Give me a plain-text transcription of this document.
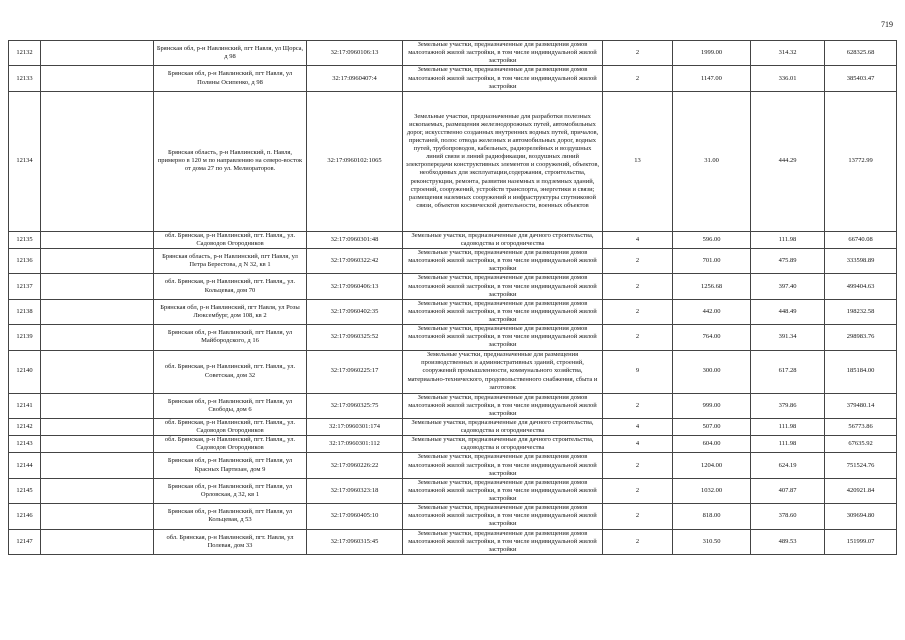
719
12132		Брянская обл, р-н Навлинский, пгт Навля, ул Щорса, д 98	32:17:0960106:13	Земельные участки, предназначенные для размещения домов малоэтажной жилой застройки, в том числе индивидуальной жилой застройки	2	1999.00	314.32	628325.68
12133		Брянская обл, р-н Навлинский, пгт Навля, ул Полины Осипенко, д 98	32:17:0960407:4	Земельные участки, предназначенные для размещения домов малоэтажной жилой застройки, в том числе индивидуальной жилой застройки	2	1147.00	336.01	385403.47
12134		Брянская область, р-н Навлинский, п. Навля, примерно в 120 м по направлению на северо-восток от дома 27 по ул. Мелиораторов.	32:17:0960102:1065	Земельные участки, предназначенные для разработки полезных ископаемых, размещения железнодорожных путей, автомобильных дорог, искусственно созданных внутренних водных путей, причалов, пристаней, полос отвода железных и автомобильных дорог, водных путей, трубопроводов, кабельных, радиорелейных и воздушных линий связи и линий радиофикации, воздушных линий электропередачи конструктивных элементов и сооружений, объектов, необходимых для эксплуатации,содержания, строительства, реконструкции, ремонта, развития наземных и подземных зданий, строений, сооружений, устройств транспорта, энергетики и связи; размещения наземных сооружений и инфраструктуры спутниковой связи, объектов космической деятельности, военных объектов	13	31.00	444.29	13772.99
12135		обл. Брянская, р-н Навлинский, пгт. Навля,, ул. Садоводов Огородников	32:17:0960301:48	Земельные участки, предназначенные для дачного строительства, садоводства и огородничества	4	596.00	111.98	66740.08
12136		Брянская область, р-н Навлинский, пгт Навля, ул Петра Берестова, д N 32, кв 1	32:17:0960322:42	Земельные участки, предназначенные для размещения домов малоэтажной жилой застройки, в том числе индивидуальной жилой застройки	2	701.00	475.89	333598.89
12137		обл. Брянская, р-н Навлинский, пгт. Навля,, ул. Кольцевая, дом 70	32:17:0960406:13	Земельные участки, предназначенные для размещения домов малоэтажной жилой застройки, в том числе индивидуальной жилой застройки	2	1256.68	397.40	499404.63
12138		Брянская обл, р-н Навлинский, пгт Навля, ул Розы Люксембург, дом 108, кв 2	32:17:0960402:35	Земельные участки, предназначенные для размещения домов малоэтажной жилой застройки, в том числе индивидуальной жилой застройки	2	442.00	448.49	198232.58
12139		Брянская обл, р-н Навлинский, пгт Навля, ул Майбородского, д 16	32:17:0960325:52	Земельные участки, предназначенные для размещения домов малоэтажной жилой застройки, в том числе индивидуальной жилой застройки	2	764.00	391.34	298983.76
12140		обл. Брянская, р-н Навлинский, пгт. Навля,, ул. Советская, дом 32	32:17:0960225:17	Земельные участки, предназначенные для размещения производственных и административных зданий, строений, сооружений промышленности, коммунального хозяйства, материально-технического, продовольственного снабжения, сбыта и заготовок	9	300.00	617.28	185184.00
12141		Брянская обл, р-н Навлинский, пгт Навля, ул Свободы, дом 6	32:17:0960325:75	Земельные участки, предназначенные для размещения домов малоэтажной жилой застройки, в том числе индивидуальной жилой застройки	2	999.00	379.86	379480.14
12142		обл. Брянская, р-н Навлинский, пгт. Навля,, ул. Садоводов Огородников	32:17:0960301:174	Земельные участки, предназначенные для дачного строительства, садоводства и огородничества	4	507.00	111.98	56773.86
12143		обл. Брянская, р-н Навлинский, пгт. Навля,, ул. Садоводов Огородников	32:17:0960301:112	Земельные участки, предназначенные для дачного строительства, садоводства и огородничества	4	604.00	111.98	67635.92
12144		Брянская обл, р-н Навлинский, пгт Навля, ул Красных Партизан, дом 9	32:17:0960226:22	Земельные участки, предназначенные для размещения домов малоэтажной жилой застройки, в том числе индивидуальной жилой застройки	2	1204.00	624.19	751524.76
12145		Брянская обл, р-н Навлинский, пгт Навля, ул Орловская, д 32, кв 1	32:17:0960323:18	Земельные участки, предназначенные для размещения домов малоэтажной жилой застройки, в том числе индивидуальной жилой застройки	2	1032.00	407.87	420921.84
12146		Брянская обл, р-н Навлинский, пгт Навля, ул Кольцевая, д 53	32:17:0960405:10	Земельные участки, предназначенные для размещения домов малоэтажной жилой застройки, в том числе индивидуальной жилой застройки	2	818.00	378.60	309694.80
12147		обл. Брянская, р-н Навлинский, пгт. Навля, ул Полевая, дом 33	32:17:0960315:45	Земельные участки, предназначенные для размещения домов малоэтажной жилой застройки, в том числе индивидуальной жилой застройки	2	310.50	489.53	151999.07
